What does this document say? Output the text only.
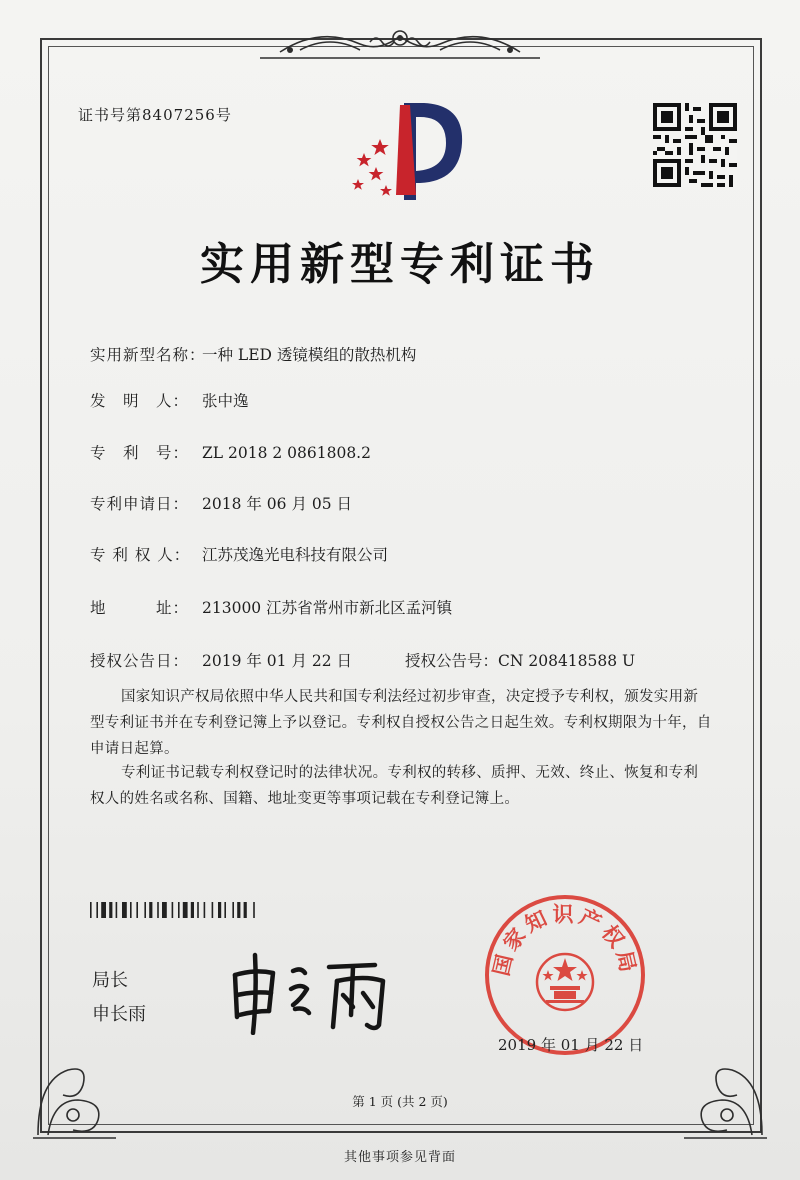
证书号第8407256号
实用新型专利证书
实用新型名称：一种 LED 透镜模组的散热机构
发　明　人： 张中逸
专　利　号： ZL 2018 2 0861808.2
专利申请日： 2018 年 06 月 05 日
专 利 权 人： 江苏茂逸光电科技有限公司
地　　　址： 213000 江苏省常州市新北区孟河镇
授权公告日： 2019 年 01 月 22 日	授权公告号：CN 208418588 U
国家知识产权局依照中华人民共和国专利法经过初步审查，决定授予专利权，颁发实用新型专利证书并在专利登记簿上予以登记。专利权自授权公告之日起生效。专利权期限为十年，自申请日起算。
专利证书记载专利权登记时的法律状况。专利权的转移、质押、无效、终止、恢复和专利权人的姓名或名称、国籍、地址变更等事项记载在专利登记簿上。
局长
申长雨
国家知识产权局
2019 年 01 月 22 日
第 1 页 (共 2 页)
其他事项参见背面
